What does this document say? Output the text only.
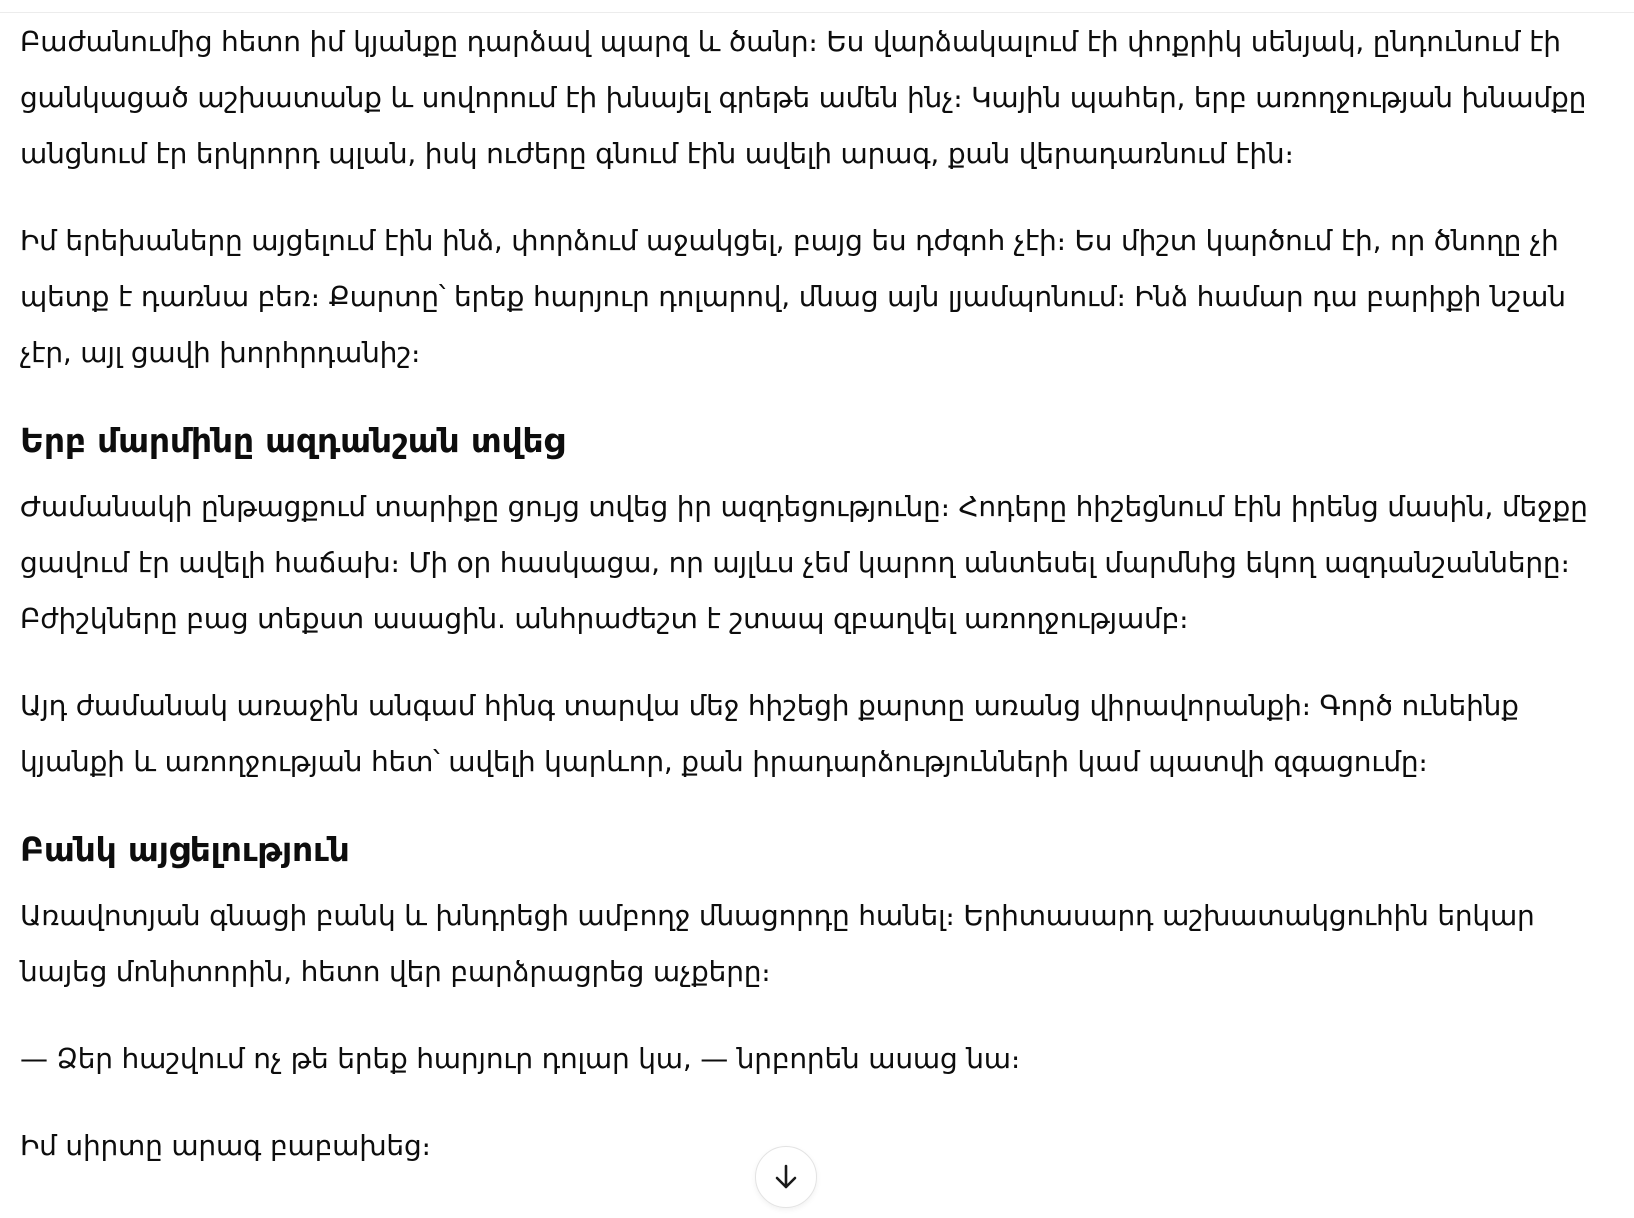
Բաժանումից հետո իմ կյանքը դարձավ պարզ և ծանր։ Ես վարձակալում էի փոքրիկ սենյակ, ընդունում էի ցանկացած աշխատանք և սովորում էի խնայել գրեթե ամեն ինչ։ Կային պահեր, երբ առողջության խնամքը անցնում էր երկրորդ պլան, իսկ ուժերը գնում էին ավելի արագ, քան վերադառնում էին։

Իմ երեխաները այցելում էին ինձ, փորձում աջակցել, բայց ես դժգոհ չէի։ Ես միշտ կարծում էի, որ ծնողը չի պետք է դառնա բեռ։ Քարտը՝ երեք հարյուր դոլարով, մնաց այն լյամպոնում։ Ինձ համար դա բարիքի նշան չէր, այլ ցավի խորհրդանիշ։

Երբ մարմինը ազդանշան տվեց

Ժամանակի ընթացքում տարիքը ցույց տվեց իր ազդեցությունը։ Հոդերը հիշեցնում էին իրենց մասին, մեջքը ցավում էր ավելի հաճախ։ Մի օր հասկացա, որ այլևս չեմ կարող անտեսել մարմնից եկող ազդանշանները։ Բժիշկները բաց տեքստ ասացին. անհրաժեշտ է շտապ զբաղվել առողջությամբ։

Այդ ժամանակ առաջին անգամ հինգ տարվա մեջ հիշեցի քարտը առանց վիրավորանքի։ Գործ ունեինք կյանքի և առողջության հետ՝ ավելի կարևոր, քան իրադարձությունների կամ պատվի զգացումը։

Բանկ այցելություն

Առավոտյան գնացի բանկ և խնդրեցի ամբողջ մնացորդը հանել։ Երիտասարդ աշխատակցուհին երկար նայեց մոնիտորին, հետո վեր բարձրացրեց աչքերը։

— Ձեր հաշվում ոչ թե երեք հարյուր դոլար կա, — նրբորեն ասաց նա։

Իմ սիրտը արագ բաբախեց։
